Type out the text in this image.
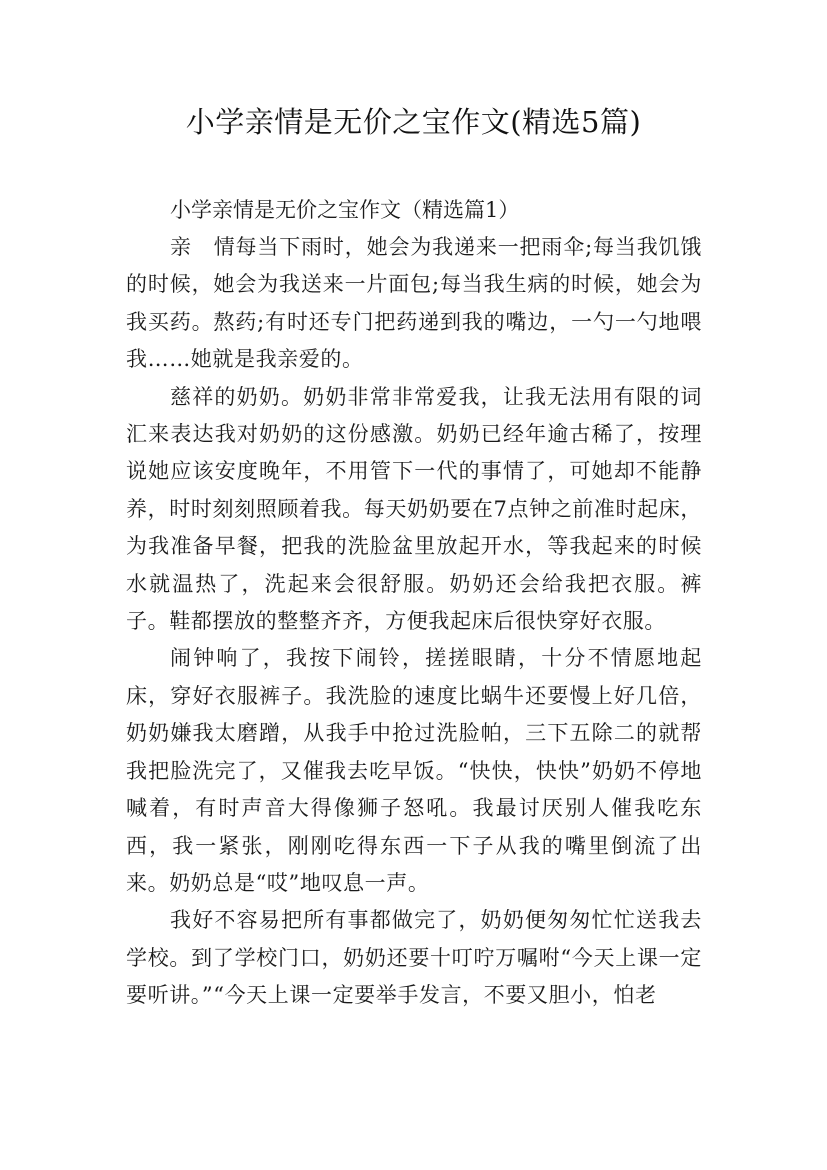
小学亲情是无价之宝作文(精选5篇)

小学亲情是无价之宝作文（精选篇1）

亲　情每当下雨时，她会为我递来一把雨伞;每当我饥饿的时候，她会为我送来一片面包;每当我生病的时候，她会为我买药。熬药;有时还专门把药递到我的嘴边，一勺一勺地喂我……她就是我亲爱的。

慈祥的奶奶。奶奶非常非常爱我，让我无法用有限的词汇来表达我对奶奶的这份感激。奶奶已经年逾古稀了，按理说她应该安度晚年，不用管下一代的事情了，可她却不能静养，时时刻刻照顾着我。每天奶奶要在7点钟之前准时起床，为我准备早餐，把我的洗脸盆里放起开水，等我起来的时候水就温热了，洗起来会很舒服。奶奶还会给我把衣服。裤子。鞋都摆放的整整齐齐，方便我起床后很快穿好衣服。

闹钟响了，我按下闹铃，搓搓眼睛，十分不情愿地起床，穿好衣服裤子。我洗脸的速度比蜗牛还要慢上好几倍，奶奶嫌我太磨蹭，从我手中抢过洗脸帕，三下五除二的就帮我把脸洗完了，又催我去吃早饭。“快快，快快”奶奶不停地喊着，有时声音大得像狮子怒吼。我最讨厌别人催我吃东西，我一紧张，刚刚吃得东西一下子从我的嘴里倒流了出来。奶奶总是“哎”地叹息一声。

我好不容易把所有事都做完了，奶奶便匆匆忙忙送我去学校。到了学校门口，奶奶还要十叮咛万嘱咐“今天上课一定要听讲。”“今天上课一定要举手发言，不要又胆小，怕老
